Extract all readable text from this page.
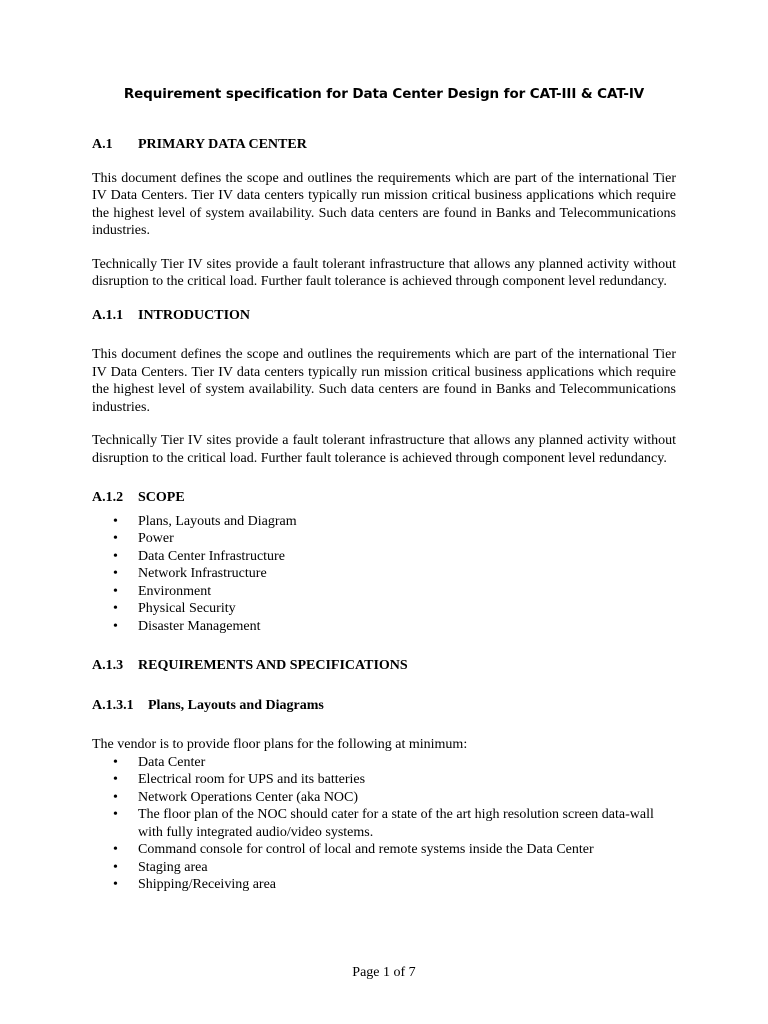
Requirement specification for Data Center Design for CAT-III & CAT-IV
A.1 PRIMARY DATA CENTER

This document defines the scope and outlines the requirements which are part of the international Tier IV Data Centers. Tier IV data centers typically run mission critical business applications which require the highest level of system availability. Such data centers are found in Banks and Telecommunications industries.

Technically Tier IV sites provide a fault tolerant infrastructure that allows any planned activity without disruption to the critical load. Further fault tolerance is achieved through component level redundancy.

A.1.1 INTRODUCTION

This document defines the scope and outlines the requirements which are part of the international Tier IV Data Centers. Tier IV data centers typically run mission critical business applications which require the highest level of system availability. Such data centers are found in Banks and Telecommunications industries.

Technically Tier IV sites provide a fault tolerant infrastructure that allows any planned activity without disruption to the critical load. Further fault tolerance is achieved through component level redundancy.

A.1.2 SCOPE
• Plans, Layouts and Diagram
• Power
• Data Center Infrastructure
• Network Infrastructure
• Environment
• Physical Security
• Disaster Management
A.1.3 REQUIREMENTS AND SPECIFICATIONS
A.1.3.1 Plans, Layouts and Diagrams

The vendor is to provide floor plans for the following at minimum:

• Data Center
• Electrical room for UPS and its batteries
• Network Operations Center (aka NOC)
• The floor plan of the NOC should cater for a state of the art high resolution screen data-wall with fully integrated audio/video systems.
• Command console for control of local and remote systems inside the Data Center
• Staging area
• Shipping/Receiving area
Page 1 of 7
